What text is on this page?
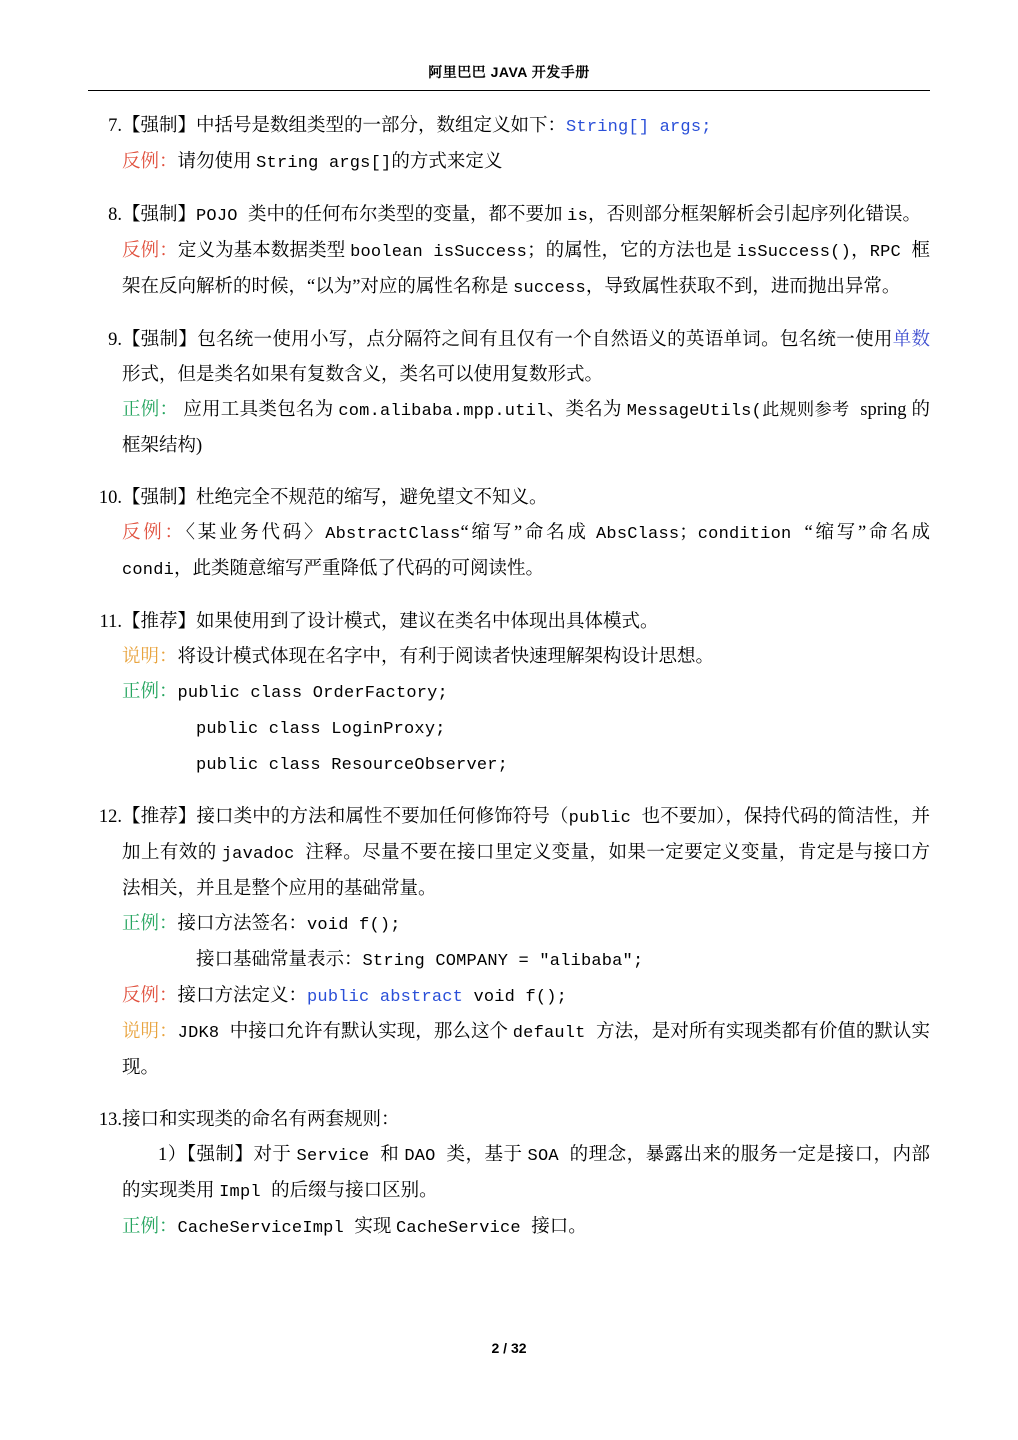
阿里巴巴 JAVA 开发手册
7. 【强制】中括号是数组类型的一部分，数组定义如下：String[] args;

反例：请勿使用 String args[]的方式来定义

8. 【强制】POJO 类中的任何布尔类型的变量，都不要加 is，否则部分框架解析会引起序列化错误。

反例：定义为基本数据类型 boolean isSuccess；的属性，它的方法也是 isSuccess()，RPC 框架在反向解析的时候，“以为”对应的属性名称是 success，导致属性获取不到，进而抛出异常。

9. 【强制】包名统一使用小写，点分隔符之间有且仅有一个自然语义的英语单词。包名统一使用单数形式，但是类名如果有复数含义，类名可以使用复数形式。

正例： 应用工具类包名为 com.alibaba.mpp.util、类名为 MessageUtils(此规则参考 spring 的框架结构)

10. 【强制】杜绝完全不规范的缩写，避免望文不知义。

反例：〈某业务代码〉AbstractClass“缩写”命名成 AbsClass；condition “缩写”命名成 condi，此类随意缩写严重降低了代码的可阅读性。

11. 【推荐】如果使用到了设计模式，建议在类名中体现出具体模式。

说明：将设计模式体现在名字中，有利于阅读者快速理解架构设计思想。

正例：public class OrderFactory;

public class LoginProxy;

public class ResourceObserver;

12. 【推荐】接口类中的方法和属性不要加任何修饰符号（public 也不要加），保持代码的简洁性，并加上有效的 javadoc 注释。尽量不要在接口里定义变量，如果一定要定义变量，肯定是与接口方法相关，并且是整个应用的基础常量。

正例：接口方法签名：void f();

接口基础常量表示：String COMPANY = "alibaba";

反例：接口方法定义：public abstract void f();

说明：JDK8 中接口允许有默认实现，那么这个 default 方法，是对所有实现类都有价值的默认实现。

13. 接口和实现类的命名有两套规则：

1）【强制】对于 Service 和 DAO 类，基于 SOA 的理念，暴露出来的服务一定是接口，内部的实现类用 Impl 的后缀与接口区别。

正例：CacheServiceImpl 实现 CacheService 接口。

2 / 32
